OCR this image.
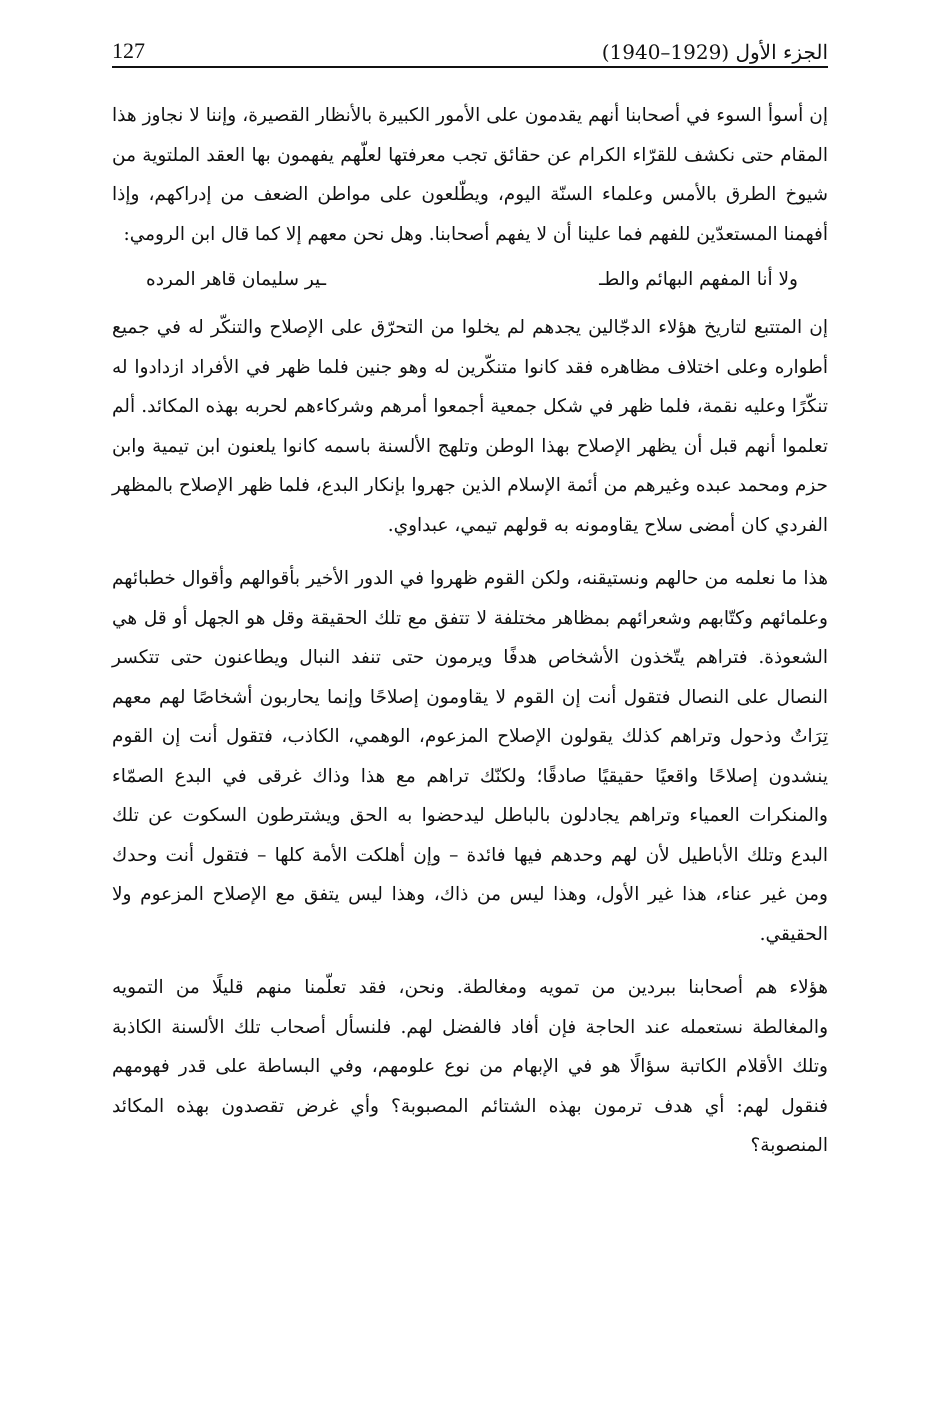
127	الجزء الأول (1929–1940)

إن أسوأ السوء في أصحابنا أنهم يقدمون على الأمور الكبيرة بالأنظار القصيرة، وإننا لا نجاوز هذا المقام حتى نكشف للقرّاء الكرام عن حقائق تجب معرفتها لعلّهم يفهمون بها العقد الملتوية من شيوخ الطرق بالأمس وعلماء السنّة اليوم، ويطّلعون على مواطن الضعف من إدراكهم، وإذا أفهمنا المستعدّين للفهم فما علينا أن لا يفهم أصحابنا. وهل نحن معهم إلا كما قال ابن الرومي:

ولا أنا المفهم البهائم والطـ
ـير سليمان قاهر المرده

إن المتتبع لتاريخ هؤلاء الدجّالين يجدهم لم يخلوا من التحرّق على الإصلاح والتنكّر له في جميع أطواره وعلى اختلاف مظاهره فقد كانوا متنكّرين له وهو جنين فلما ظهر في الأفراد ازدادوا له تنكّرًا وعليه نقمة، فلما ظهر في شكل جمعية أجمعوا أمرهم وشركاءهم لحربه بهذه المكائد. ألم تعلموا أنهم قبل أن يظهر الإصلاح بهذا الوطن وتلهج الألسنة باسمه كانوا يلعنون ابن تيمية وابن حزم ومحمد عبده وغيرهم من أئمة الإسلام الذين جهروا بإنكار البدع، فلما ظهر الإصلاح بالمظهر الفردي كان أمضى سلاح يقاومونه به قولهم تيمي، عبداوي.

هذا ما نعلمه من حالهم ونستيقنه، ولكن القوم ظهروا في الدور الأخير بأقوالهم وأقوال خطبائهم وعلمائهم وكتّابهم وشعرائهم بمظاهر مختلفة لا تتفق مع تلك الحقيقة وقل هو الجهل أو قل هي الشعوذة. فتراهم يتّخذون الأشخاص هدفًا ويرمون حتى تنفد النبال ويطاعنون حتى تتكسر النصال على النصال فتقول أنت إن القوم لا يقاومون إصلاحًا وإنما يحاربون أشخاصًا لهم معهم تِرَاتٌ وذحول وتراهم كذلك يقولون الإصلاح المزعوم، الوهمي، الكاذب، فتقول أنت إن القوم ينشدون إصلاحًا واقعيًا حقيقيًا صادقًا؛ ولكنّك تراهم مع هذا وذاك غرقى في البدع الصمّاء والمنكرات العمياء وتراهم يجادلون بالباطل ليدحضوا به الحق ويشترطون السكوت عن تلك البدع وتلك الأباطيل لأن لهم وحدهم فيها فائدة – وإن أهلكت الأمة كلها – فتقول أنت وحدك ومن غير عناء، هذا غير الأول، وهذا ليس من ذاك، وهذا ليس يتفق مع الإصلاح المزعوم ولا الحقيقي.

هؤلاء هم أصحابنا ببردين من تمويه ومغالطة. ونحن، فقد تعلّمنا منهم قليلًا من التمويه والمغالطة نستعمله عند الحاجة فإن أفاد فالفضل لهم. فلنسأل أصحاب تلك الألسنة الكاذبة وتلك الأقلام الكاتبة سؤالًا هو في الإبهام من نوع علومهم، وفي البساطة على قدر فهومهم فنقول لهم: أي هدف ترمون بهذه الشتائم المصبوبة؟ وأي غرض تقصدون بهذه المكائد المنصوبة؟
